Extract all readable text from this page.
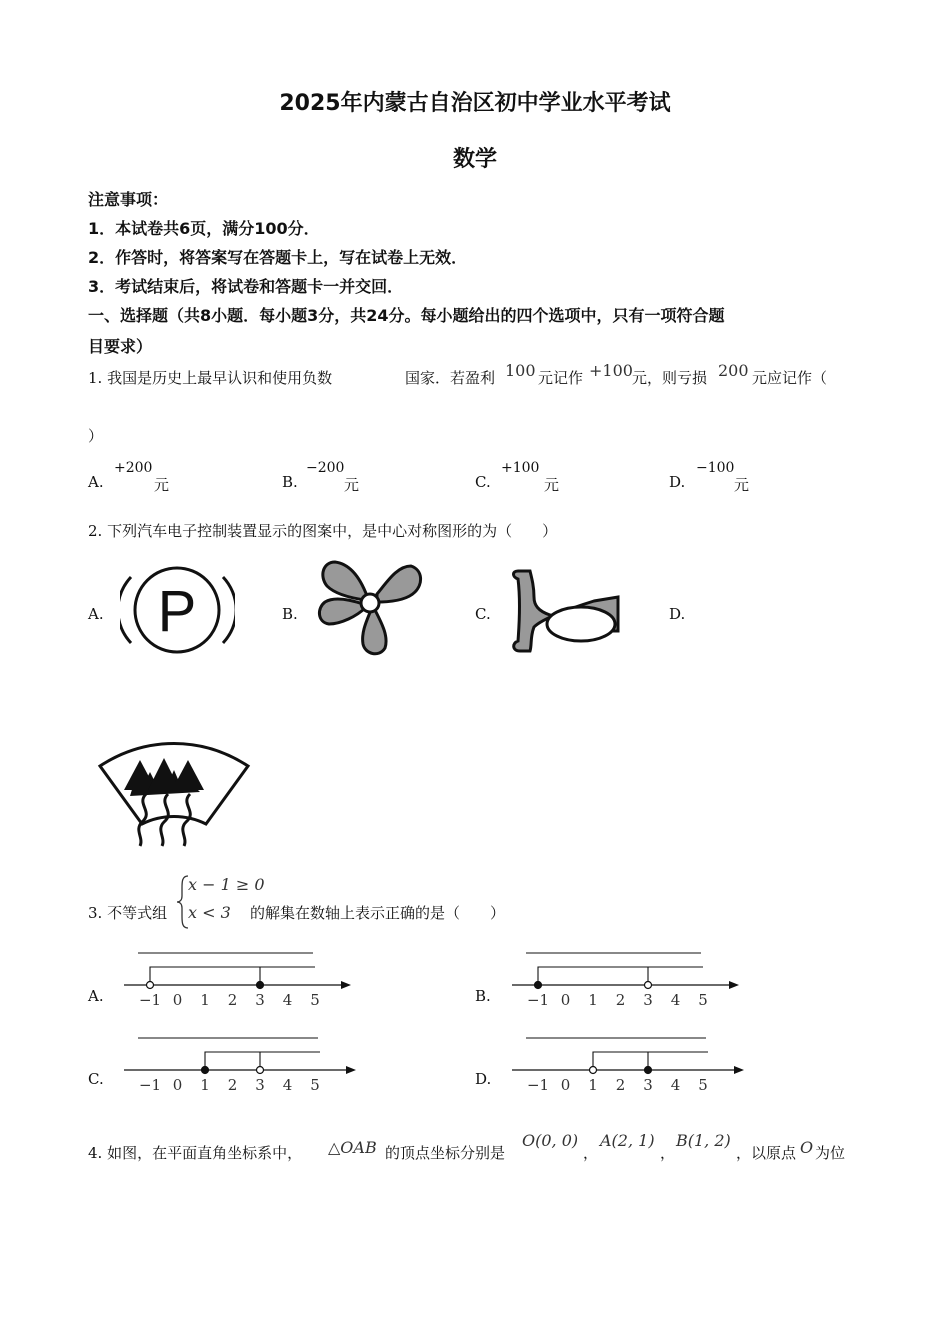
2025年内蒙古自治区初中学业水平考试
数学
注意事项：
1．本试卷共6页，满分100分．
2．作答时，将答案写在答题卡上，写在试卷上无效．
3．考试结束后，将试卷和答题卡一并交回．
一、选择题（共8小题．每小题3分，共24分。每小题给出的四个选项中，只有一项符合题
目要求）
1. 我国是历史上最早认识和使用负数	国家．若盈利 100 元记作 +100 元，则亏损 200 元应记作（
）
A.
+200
元	B.
−200
元	C.
+100
元	D.
−100
元
2. 下列汽车电子控制装置显示的图案中，是中心对称图形的为（　　）
A. P	B.	C.	D.
3. 不等式组
x − 1 ≥ 0
x < 3 的解集在数轴上表示正确的是（　　）
A. −1 0 1 2 3 4 5	B. −1 0 1 2 3 4 5
C. −1 0 1 2 3 4 5	D. −1 0 1 2 3 4 5
4. 如图，在平面直角坐标系中， △OAB 的顶点坐标分别是
O(0, 0)
，
A(2, 1)
，
B(1, 2)
，以原点 O 为位
